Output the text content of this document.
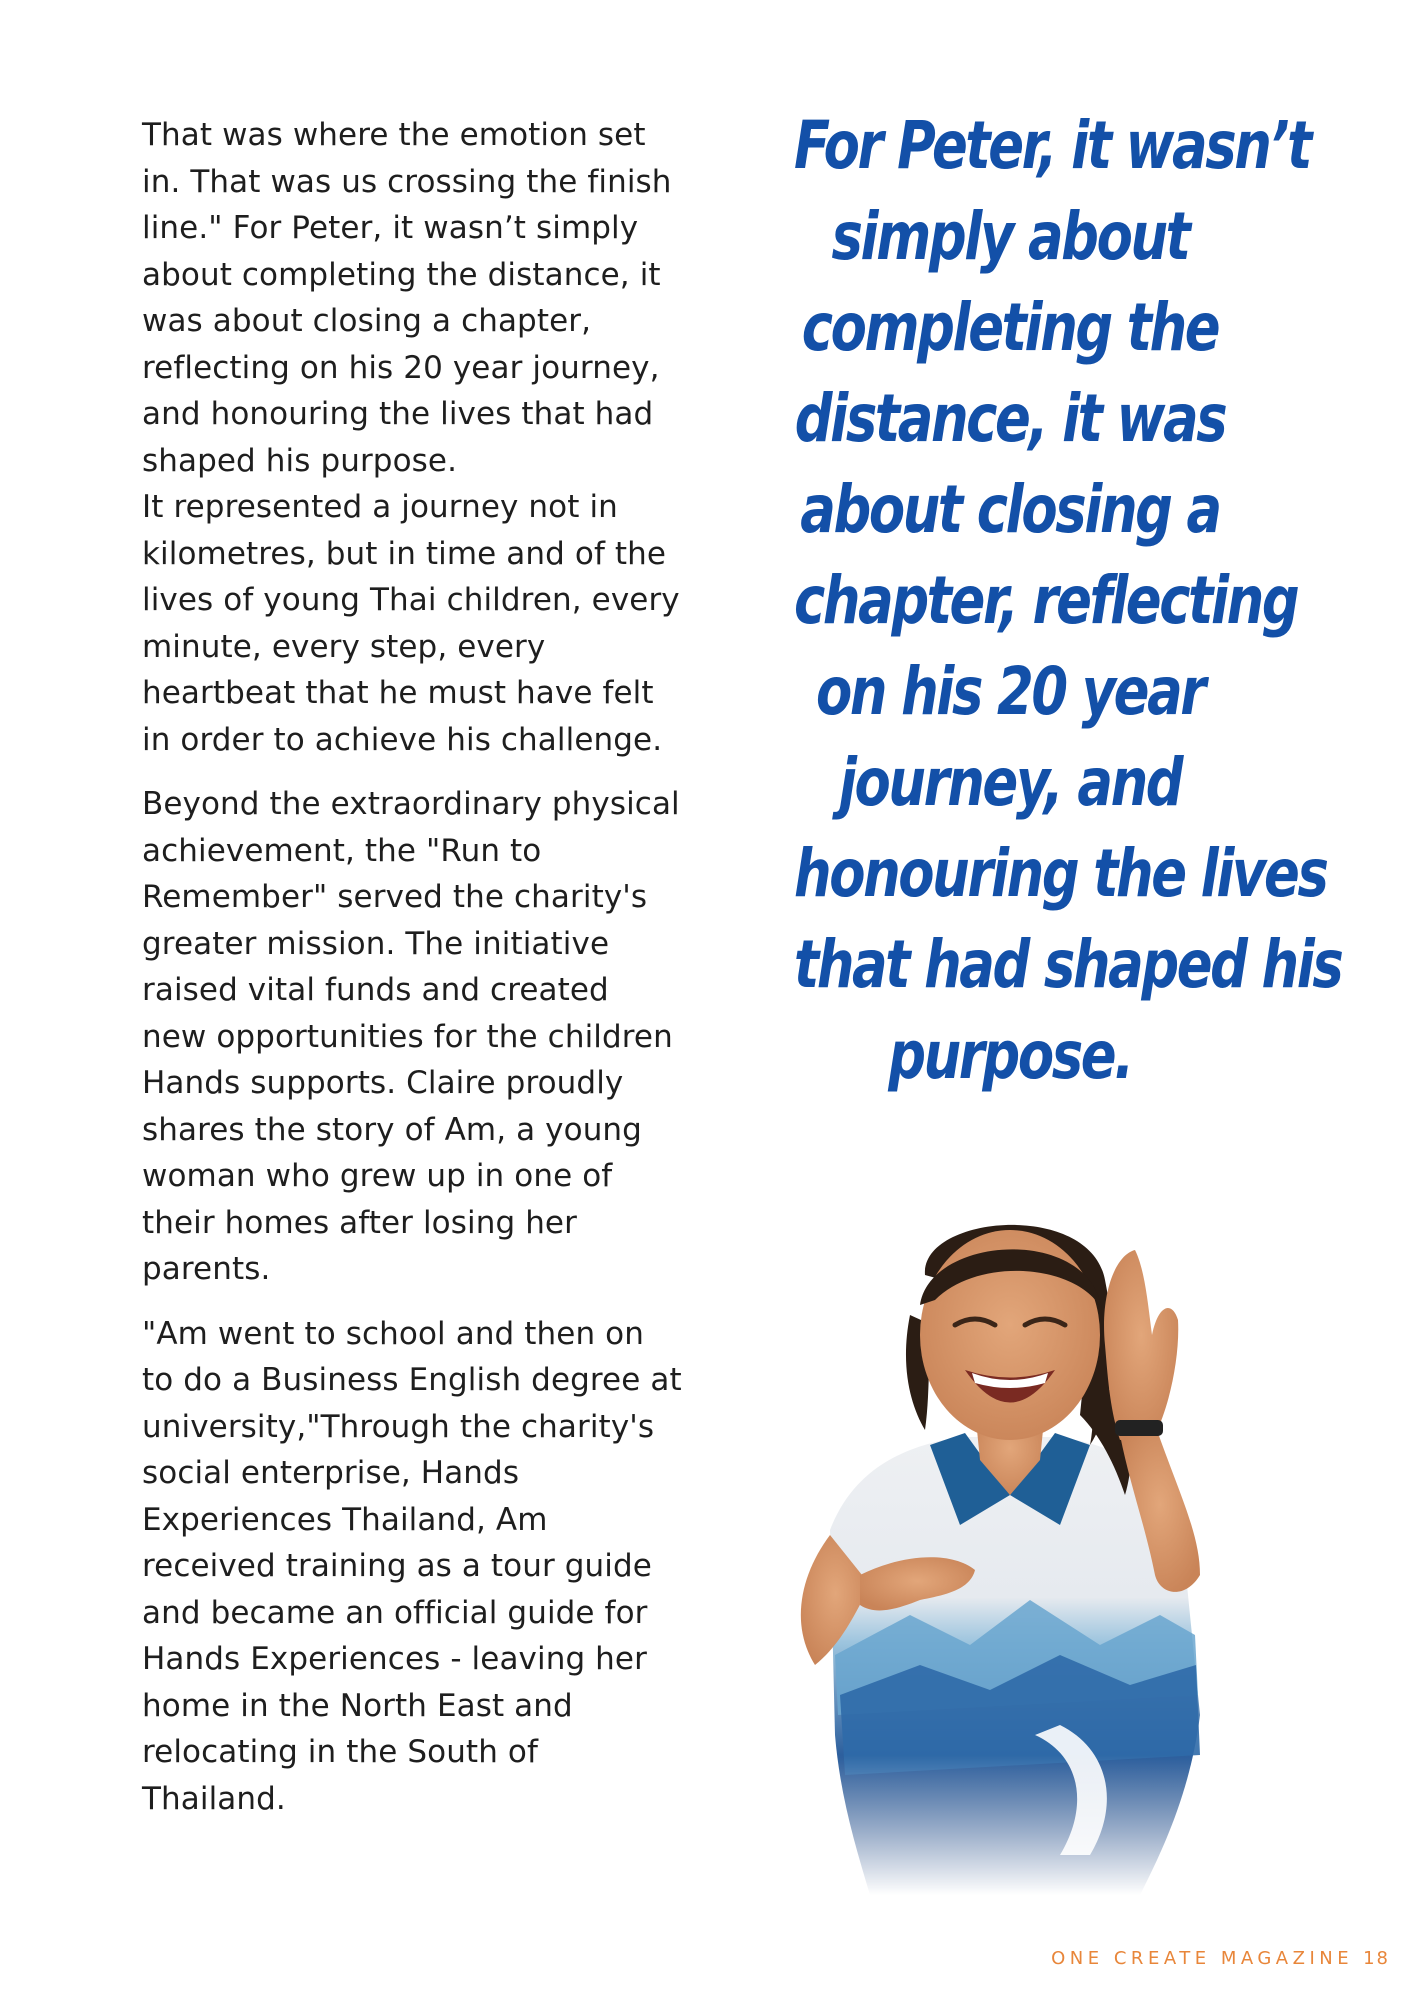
That was where the emotion set in. That was us crossing the finish line." For Peter, it wasn’t simply about completing the distance, it was about closing a chapter, reflecting on his 20 year journey, and honouring the lives that had shaped his purpose.

It represented a journey not in kilometres, but in time and of the lives of young Thai children, every minute, every step, every heartbeat that he must have felt in order to achieve his challenge.

Beyond the extraordinary physical achievement, the "Run to Remember" served the charity's greater mission. The initiative raised vital funds and created new opportunities for the children Hands supports. Claire proudly shares the story of Am, a young woman who grew up in one of their homes after losing her parents.

"Am went to school and then on to do a Business English degree at university,"Through the charity's social enterprise, Hands Experiences Thailand, Am received training as a tour guide and became an official guide for Hands Experiences - leaving her home in the North East and relocating in the South of Thailand.

For Peter, it wasn’t
simply about
completing the
distance, it was
about closing a
chapter, reflecting
on his 20 year
journey, and
honouring the lives
that had shaped his
purpose.
ONE CREATE MAGAZINE 18
